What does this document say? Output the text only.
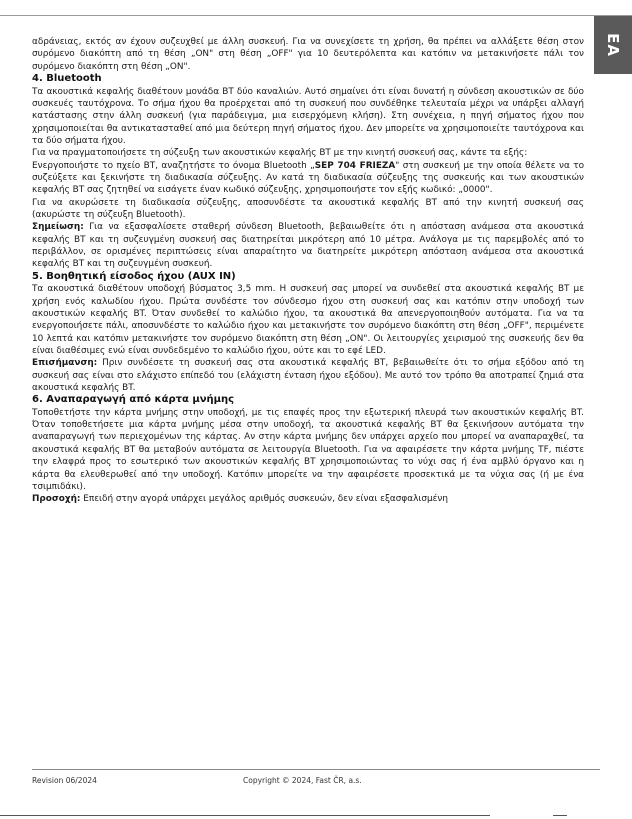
EA

αδράνειας, εκτός αν έχουν συζευχθεί με άλλη συσκευή. Για να συνεχίσετε τη χρήση, θα πρέπει να αλλάξετε θέση στον συρόμενο διακόπτη από τη θέση „ON" στη θέση „OFF" για 10 δευτερόλεπτα και κατόπιν να μετακινήσετε πάλι τον συρόμενο διακόπτη στη θέση „ON".

4. Bluetooth

Τα ακουστικά κεφαλής διαθέτουν μονάδα BT δύο καναλιών. Αυτό σημαίνει ότι είναι δυνατή η σύνδεση ακουστικών σε δύο συσκευές ταυτόχρονα. Το σήμα ήχου θα προέρχεται από τη συσκευή που συνδέθηκε τελευταία μέχρι να υπάρξει αλλαγή κατάστασης στην άλλη συσκευή (για παράδειγμα, μια εισερχόμενη κλήση). Στη συνέχεια, η πηγή σήματος ήχου που χρησιμοποιείται θα αντικατασταθεί από μια δεύτερη πηγή σήματος ήχου. Δεν μπορείτε να χρησιμοποιείτε ταυτόχρονα και τα δύο σήματα ήχου.

Για να πραγματοποιήσετε τη σύζευξη των ακουστικών κεφαλής BT με την κινητή συσκευή σας, κάντε τα εξής:

Ενεργοποιήστε το πχείο BT, αναζητήστε το όνομα Bluetooth „SEP 704 FRIEZA" στη συσκευή με την οποία θέλετε να το συζεύξετε και ξεκινήστε τη διαδικασία σύζευξης. Αν κατά τη διαδικασία σύζευξης της συσκευής και των ακουστικών κεφαλής BT σας ζητηθεί να εισάγετε έναν κωδικό σύζευξης, χρησιμοποιήστε τον εξής κωδικό: „0000".

Για να ακυρώσετε τη διαδικασία σύζευξης, αποσυνδέστε τα ακουστικά κεφαλής BT από την κινητή συσκευή σας (ακυρώστε τη σύζευξη Bluetooth).

Σημείωση: Για να εξασφαλίσετε σταθερή σύνδεση Bluetooth, βεβαιωθείτε ότι η απόσταση ανάμεσα στα ακουστικά κεφαλής BT και τη συζευγμένη συσκευή σας διατηρείται μικρότερη από 10 μέτρα. Ανάλογα με τις παρεμβολές από το περιβάλλον, σε ορισμένες περιπτώσεις είναι απαραίτητο να διατηρείτε μικρότερη απόσταση ανάμεσα στα ακουστικά κεφαλής BT και τη συζευγμένη συσκευή.

5. Βοηθητική είσοδος ήχου (AUX IN)

Τα ακουστικά διαθέτουν υποδοχή βύσματος 3,5 mm. Η συσκευή σας μπορεί να συνδεθεί στα ακουστικά κεφαλής BT με χρήση ενός καλωδίου ήχου. Πρώτα συνδέστε τον σύνδεσμο ήχου στη συσκευή σας και κατόπιν στην υποδοχή των ακουστικών κεφαλής BT. Όταν συνδεθεί το καλώδιο ήχου, τα ακουστικά θα απενεργοποιηθούν αυτόματα. Για να τα ενεργοποιήσετε πάλι, αποσυνδέστε το καλώδιο ήχου και μετακινήστε τον συρόμενο διακόπτη στη θέση „OFF", περιμένετε 10 λεπτά και κατόπιν μετακινήστε τον συρόμενο διακόπτη στη θέση „ON". Οι λειτουργίες χειρισμού της συσκευής δεν θα είναι διαθέσιμες ενώ είναι συνδεδεμένο το καλώδιο ήχου, ούτε και το εφέ LED.

Επισήμανση: Πριν συνδέσετε τη συσκευή σας στα ακουστικά κεφαλής BT, βεβαιωθείτε ότι το σήμα εξόδου από τη συσκευή σας είναι στο ελάχιστο επίπεδό του (ελάχιστη ένταση ήχου εξόδου). Με αυτό τον τρόπο θα αποτραπεί ζημιά στα ακουστικά κεφαλής BT.

6. Αναπαραγωγή από κάρτα μνήμης

Τοποθετήστε την κάρτα μνήμης στην υποδοχή, με τις επαφές προς την εξωτερική πλευρά των ακουστικών κεφαλής BT. Όταν τοποθετήσετε μια κάρτα μνήμης μέσα στην υποδοχή, τα ακουστικά κεφαλής BT θα ξεκινήσουν αυτόματα την αναπαραγωγή των περιεχομένων της κάρτας. Αν στην κάρτα μνήμης δεν υπάρχει αρχείο που μπορεί να αναπαραχθεί, τα ακουστικά κεφαλής BT θα μεταβούν αυτόματα σε λειτουργία Bluetooth. Για να αφαιρέσετε την κάρτα μνήμης TF, πιέστε την ελαφρά προς το εσωτερικό των ακουστικών κεφαλής BT χρησιμοποιώντας το νύχι σας ή ένα αμβλύ όργανο και η κάρτα θα ελευθερωθεί από την υποδοχή. Κατόπιν μπορείτε να την αφαιρέσετε προσεκτικά με τα νύχια σας (ή με ένα τσιμπιδάκι).

Προσοχή: Επειδή στην αγορά υπάρχει μεγάλος αριθμός συσκευών, δεν είναι εξασφαλισμένη

Revision 06/2024	Copyright © 2024, Fast ČR, a.s.
